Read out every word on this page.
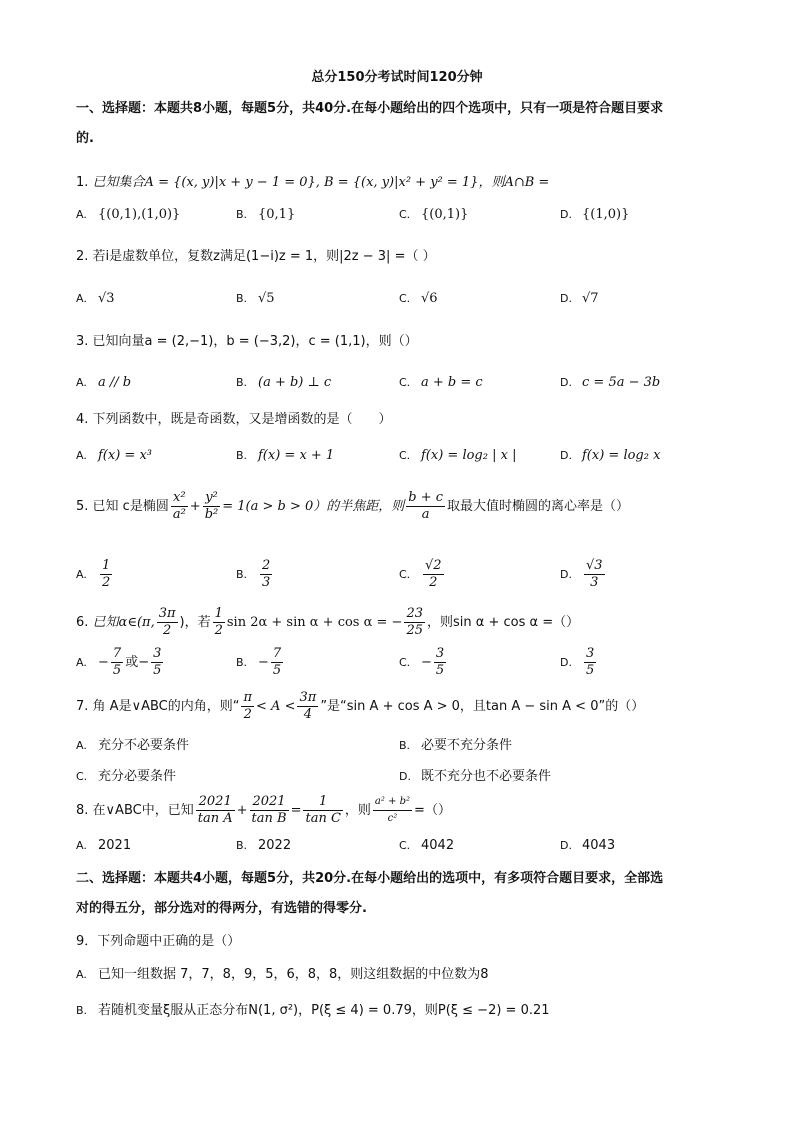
总分150分考试时间120分钟
一、选择题：本题共8小题，每题5分，共40分.在每小题给出的四个选项中，只有一项是符合题目要求
的.
1. 已知集合A = {(x, y)|x + y − 1 = 0}, B = {(x, y)|x² + y² = 1}，则A∩B =
A. {(0,1),(1,0)}	B. {0,1}	C. {(0,1)}	D. {(1,0)}
2. 若i是虚数单位，复数z满足(1−i)z = 1，则|2z − 3| =（ ）
A. √3	B. √5	C. √6	D. √7
3. 已知向量a = (2,−1)，b = (−3,2)，c = (1,1)，则（）
A. a // b	B. (a + b) ⊥ c	C. a + b = c	D. c = 5a − 3b
4. 下列函数中，既是奇函数，又是增函数的是（　　）
A. f(x) = x³	B. f(x) = x + 1	C. f(x) = log₂ | x |	D. f(x) = log₂ x
5. 已知 c是椭圆 $\frac{\text{x²}}{\text{a²}} + \frac{\text{y²}}{\text{b²}} = 1(a > b > 0)$的半焦距，则 $\frac{b + c}{a}$ 取最大值时椭圆的离心率是（）
A. $\frac{1}{2}$	B. $\frac{2}{3}$	C. $\frac{√2}{2}$	D. $\frac{√3}{3}$
6. 已知α∈(π, $\frac{3\pi}{2}$ )，若 $\frac{1}{2}$ sin 2α + sin α + cos α = − $\frac{23}{25}$ ，则sin α + cos α =（）
A. − $\frac{7}{5}$ 或− $\frac{3}{5}$	B. − $\frac{7}{5}$	C. − $\frac{3}{5}$	D. $\frac{3}{5}$
7. 角 A是∨ABC的内角，则“ $\frac{\pi}{2} < A < \frac{3\pi}{4}$ ”是“sin A + cos A > 0，且tan A − sin A < 0”的（）
A. 充分不必要条件	B. 必要不充分条件
C. 充分必要条件	D. 既不充分也不必要条件
8. 在∨ABC中，已知 $\frac{2021}{\text{tan A}} + \frac{2021}{\text{tan B}} = \frac{1}{\text{tan C}}$ ，则 $\frac{\text{a² + b²}}{\text{c²}}$ =（）
A. 2021	B. 2022	C. 4042	D. 4043
二、选择题：本题共4小题，每题5分，共20分.在每小题给出的选项中，有多项符合题目要求，全部选
对的得五分，部分选对的得两分，有选错的得零分.
9．下列命题中正确的是（）
A. 已知一组数据 7，7，8，9，5，6，8，8，则这组数据的中位数为8
B. 若随机变量ξ服从正态分布N(1, σ²)，P(ξ ≤ 4) = 0.79，则P(ξ ≤ −2) = 0.21
